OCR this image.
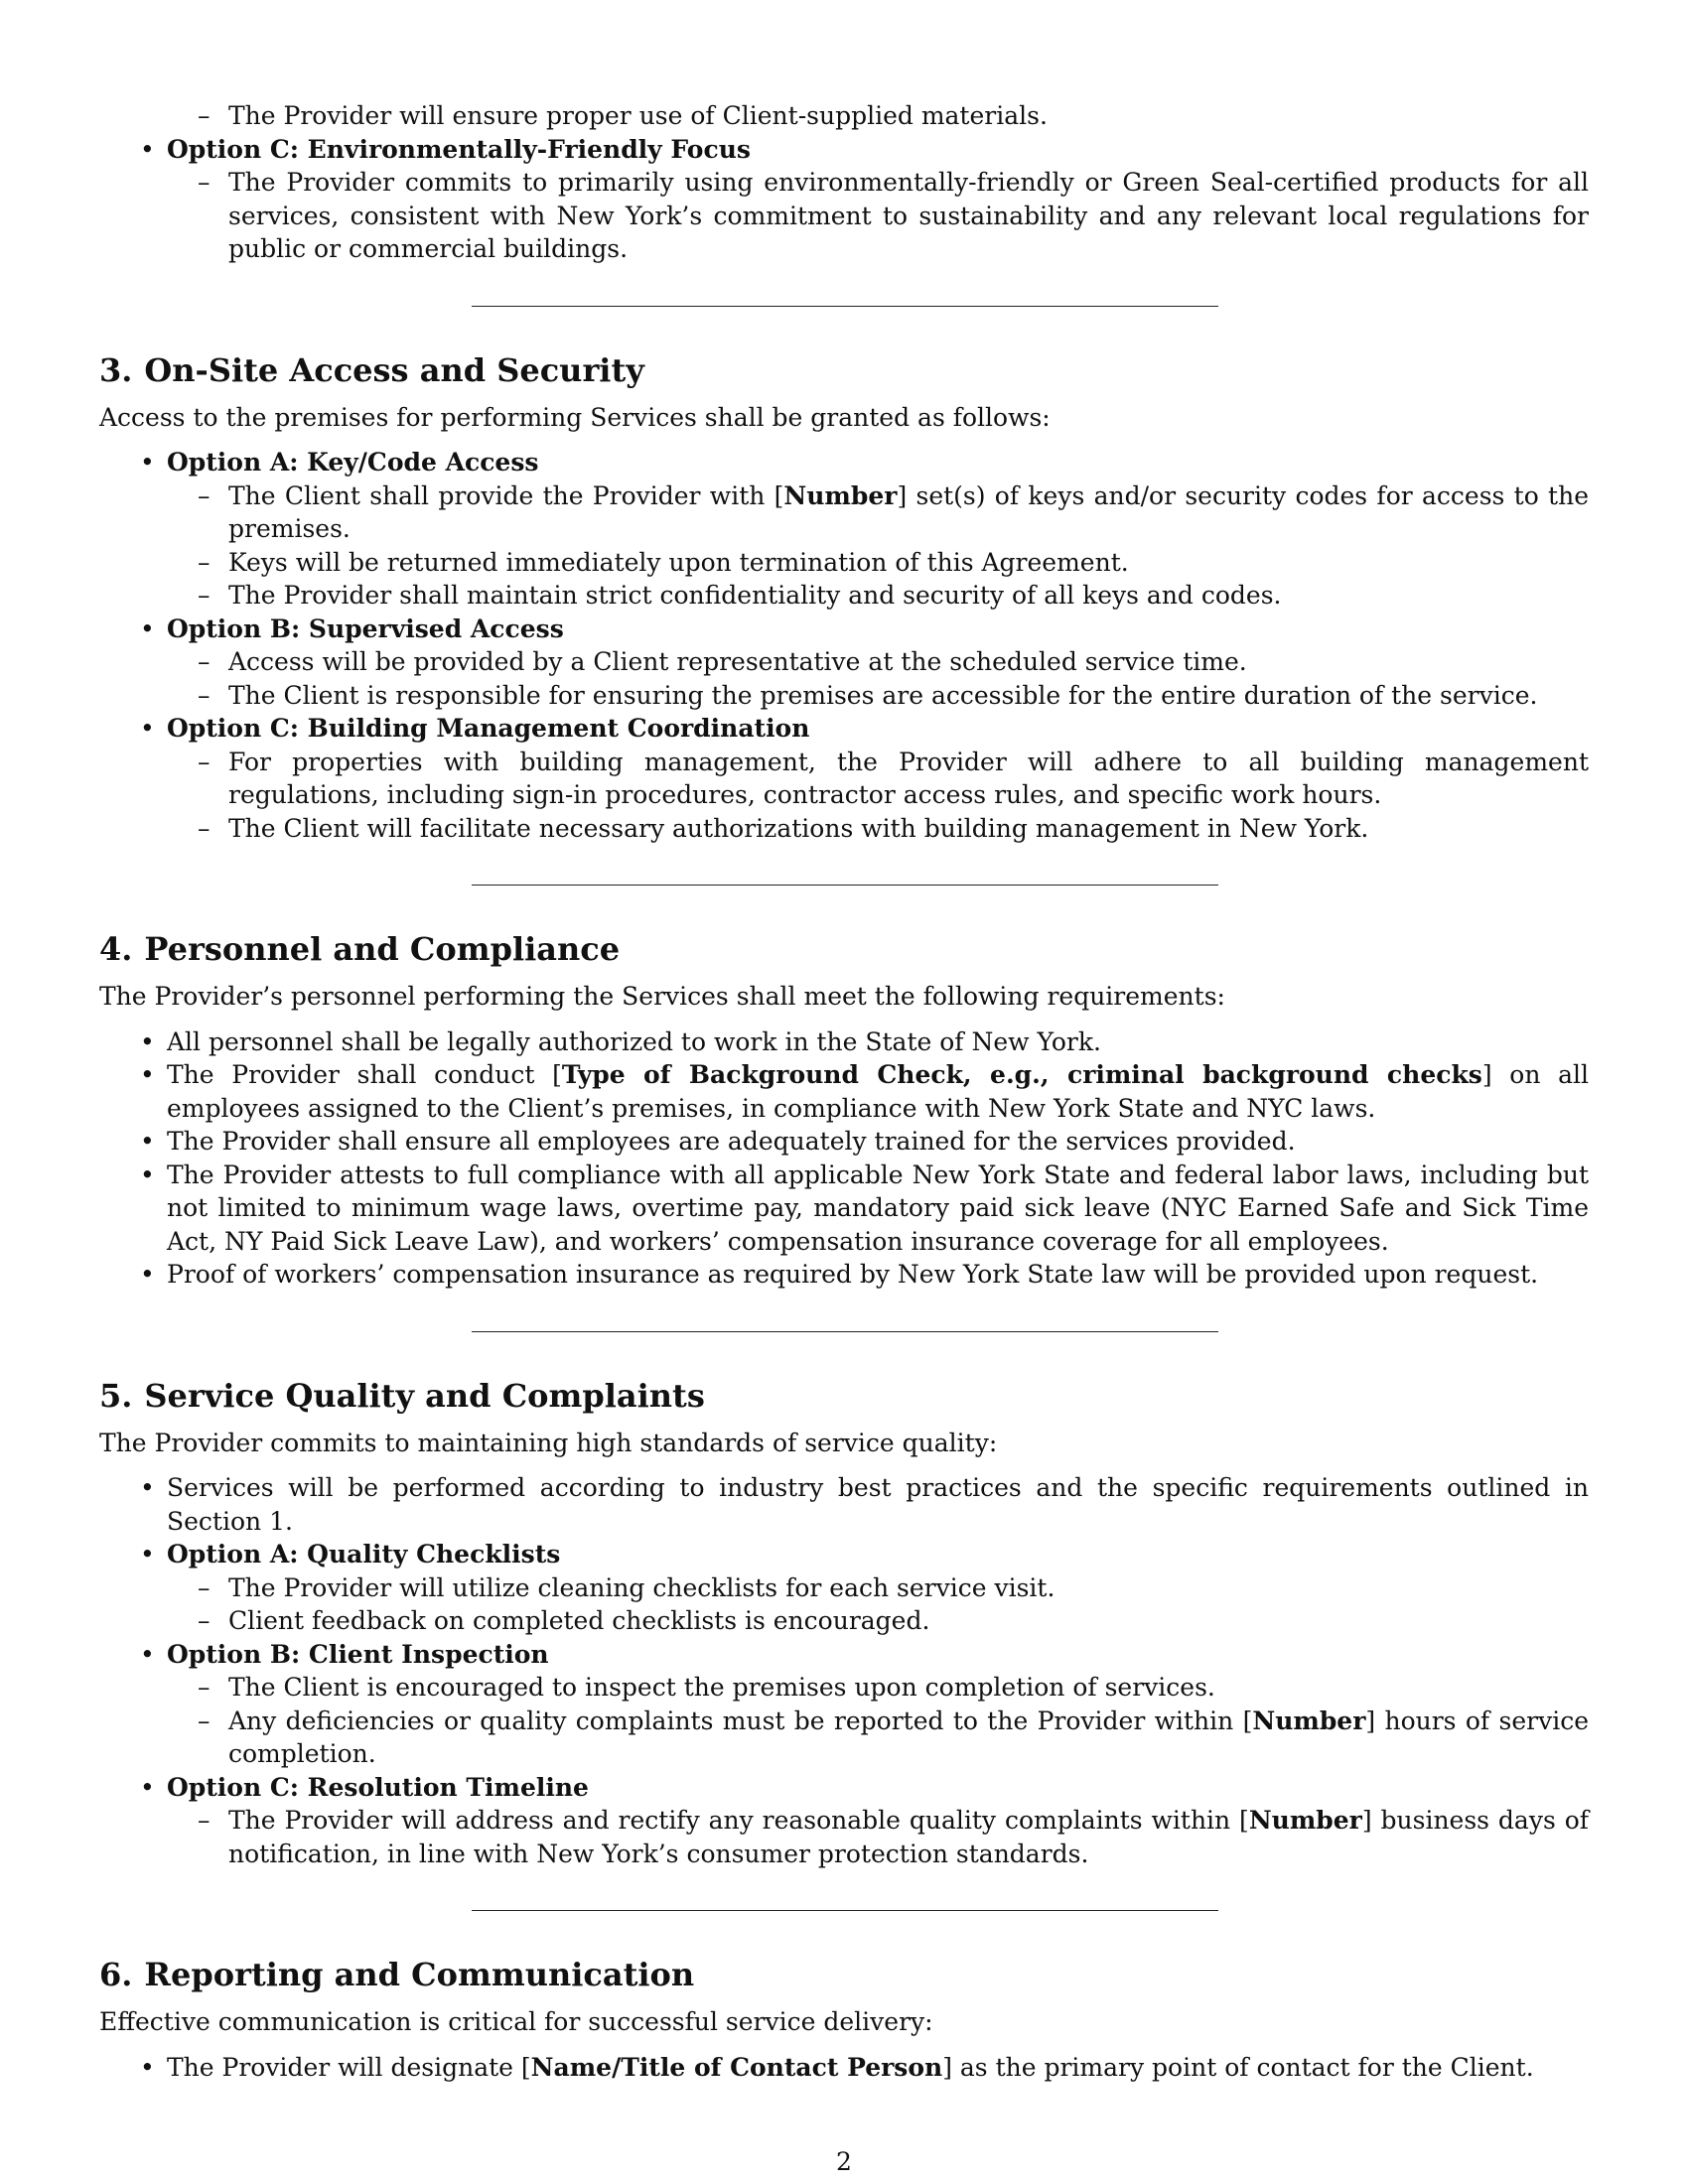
– The Provider will ensure proper use of Client-supplied materials.
• Option C: Environmentally-Friendly Focus
– The Provider commits to primarily using environmentally-friendly or Green Seal-certified products for all services, consistent with New York’s commitment to sustainability and any relevant local regulations for public or commercial buildings.
3. On-Site Access and Security

Access to the premises for performing Services shall be granted as follows:

• Option A: Key/Code Access
– The Client shall provide the Provider with [Number] set(s) of keys and/or security codes for access to the premises.
– Keys will be returned immediately upon termination of this Agreement.
– The Provider shall maintain strict confidentiality and security of all keys and codes.
• Option B: Supervised Access
– Access will be provided by a Client representative at the scheduled service time.
– The Client is responsible for ensuring the premises are accessible for the entire duration of the service.
• Option C: Building Management Coordination
– For properties with building management, the Provider will adhere to all building management regulations, including sign-in procedures, contractor access rules, and specific work hours.
– The Client will facilitate necessary authorizations with building management in New York.
4. Personnel and Compliance

The Provider’s personnel performing the Services shall meet the following requirements:

• All personnel shall be legally authorized to work in the State of New York.
• The Provider shall conduct [Type of Background Check, e.g., criminal background checks] on all employees assigned to the Client’s premises, in compliance with New York State and NYC laws.
• The Provider shall ensure all employees are adequately trained for the services provided.
• The Provider attests to full compliance with all applicable New York State and federal labor laws, including but not limited to minimum wage laws, overtime pay, mandatory paid sick leave (NYC Earned Safe and Sick Time Act, NY Paid Sick Leave Law), and workers’ compensation insurance coverage for all employees.
• Proof of workers’ compensation insurance as required by New York State law will be provided upon request.
5. Service Quality and Complaints

The Provider commits to maintaining high standards of service quality:

• Services will be performed according to industry best practices and the specific requirements outlined in Section 1.
• Option A: Quality Checklists
– The Provider will utilize cleaning checklists for each service visit.
– Client feedback on completed checklists is encouraged.
• Option B: Client Inspection
– The Client is encouraged to inspect the premises upon completion of services.
– Any deficiencies or quality complaints must be reported to the Provider within [Number] hours of service completion.
• Option C: Resolution Timeline
– The Provider will address and rectify any reasonable quality complaints within [Number] business days of notification, in line with New York’s consumer protection standards.
6. Reporting and Communication

Effective communication is critical for successful service delivery:

• The Provider will designate [Name/Title of Contact Person] as the primary point of contact for the Client.
2
